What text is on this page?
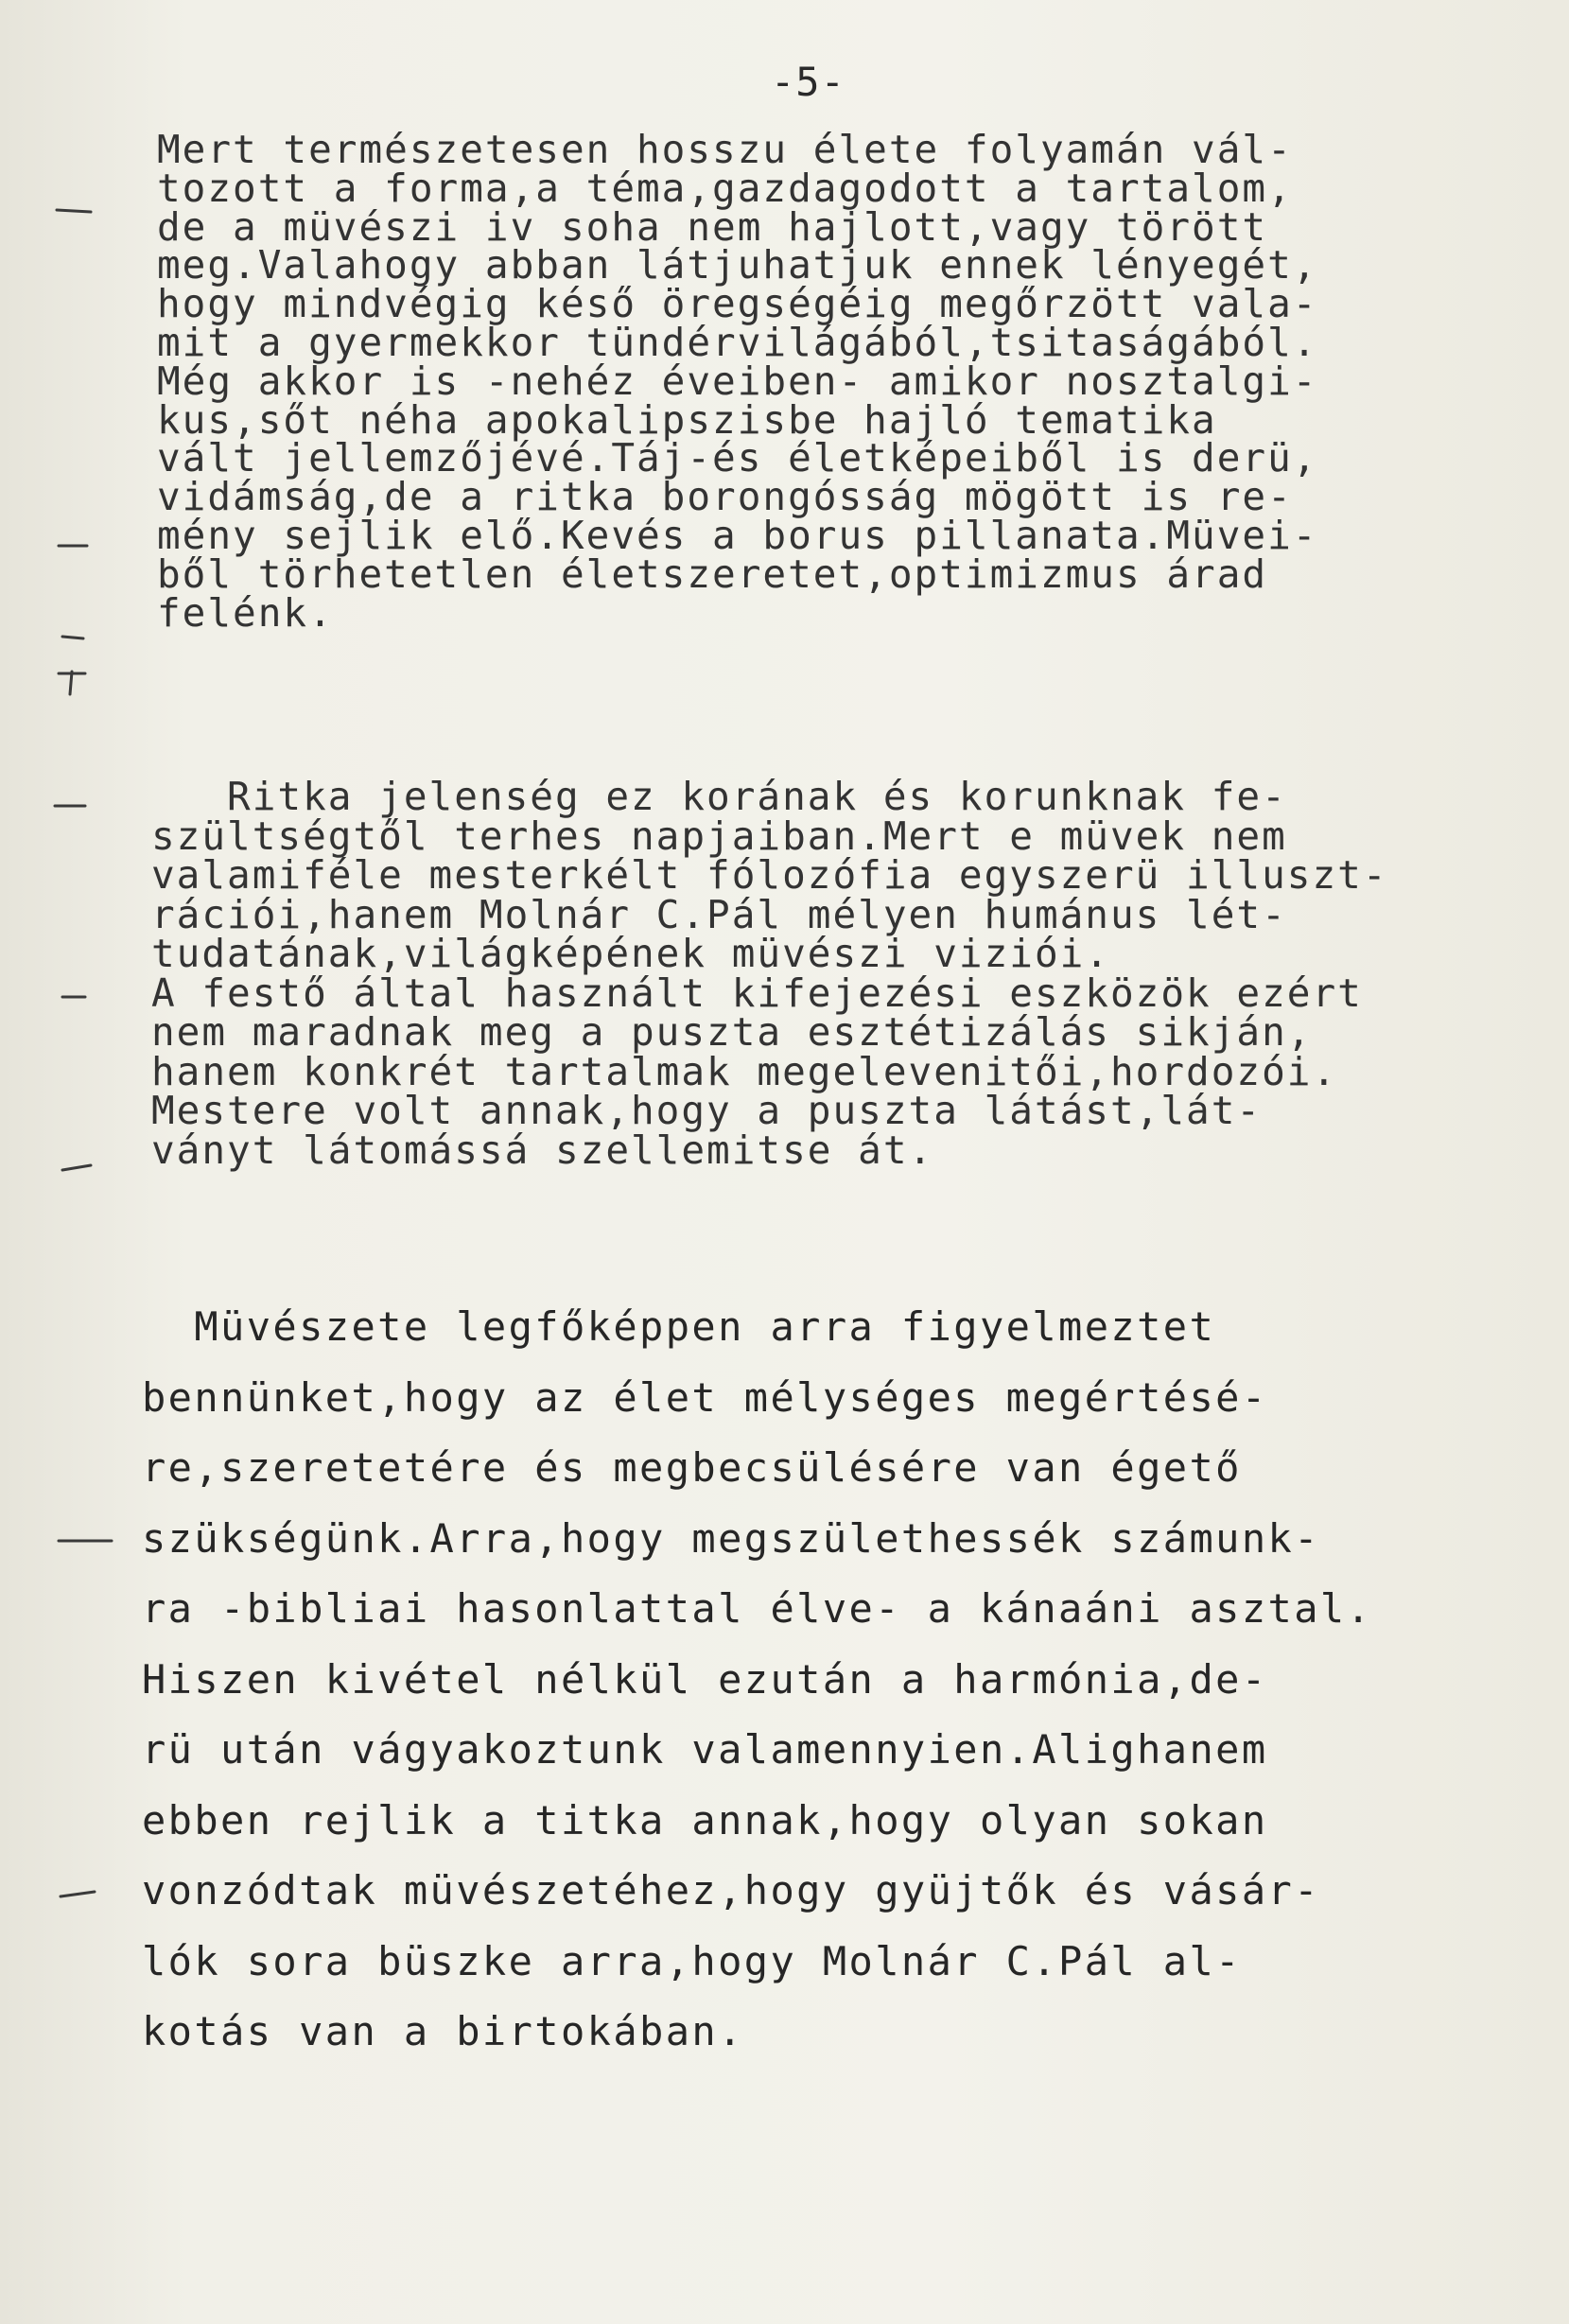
-5-
Mert természetesen hosszu élete folyamán vál-
tozott a forma,a téma,gazdagodott a tartalom,
de a müvészi iv soha nem hajlott,vagy törött
meg.Valahogy abban látjuhatjuk ennek lényegét,
hogy mindvégig késő öregségéig megőrzött vala-
mit a gyermekkor tündérvilágából,tsitaságából.
Még akkor is -nehéz éveiben- amikor nosztalgi-
kus,sőt néha apokalipszisbe hajló tematika
vált jellemzőjévé.Táj-és életképeiből is derü,
vidámság,de a ritka borongósság mögött is re-
mény sejlik elő.Kevés a borus pillanata.Müvei-
ből törhetetlen életszeretet,optimizmus árad
felénk.
Ritka jelenség ez korának és korunknak fe-
szültségtől terhes napjaiban.Mert e müvek nem
valamiféle mesterkélt fólozófia egyszerü illuszt-
rációi,hanem Molnár C.Pál mélyen humánus lét-
tudatának,világképének müvészi viziói.
A festő által használt kifejezési eszközök ezért
nem maradnak meg a puszta esztétizálás sikján,
hanem konkrét tartalmak megelevenitői,hordozói.
Mestere volt annak,hogy a puszta látást,lát-
ványt látomássá szellemitse át.
Müvészete legfőképpen arra figyelmeztet
bennünket,hogy az élet mélységes megértésé-
re,szeretetére és megbecsülésére van égető
szükségünk.Arra,hogy megszülethessék számunk-
ra -bibliai hasonlattal élve- a kánaáni asztal.
Hiszen kivétel nélkül ezután a harmónia,de-
rü után vágyakoztunk valamennyien.Alighanem
ebben rejlik a titka annak,hogy olyan sokan
vonzódtak müvészetéhez,hogy gyüjtők és vásár-
lók sora büszke arra,hogy Molnár C.Pál al-
kotás van a birtokában.
